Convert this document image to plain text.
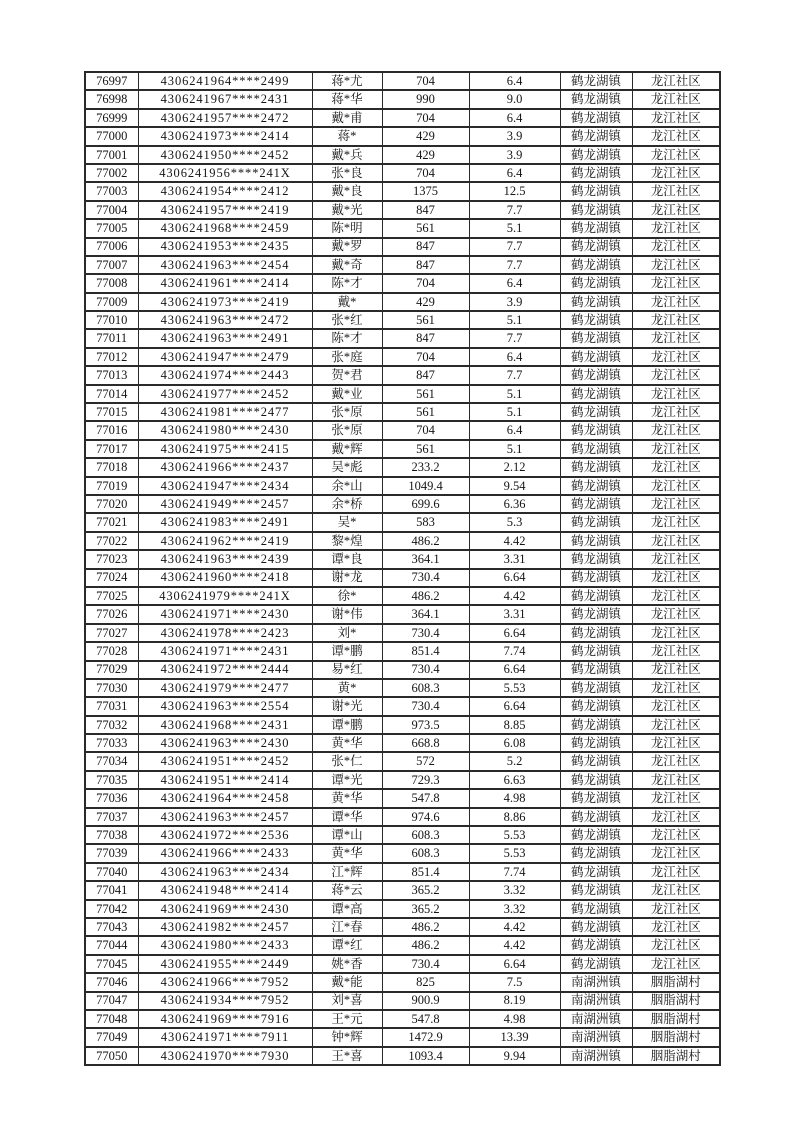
76997	4306241964****2499	蒋*尤	704	6.4	鹤龙湖镇	龙江社区
76998	4306241967****2431	蒋*华	990	9.0	鹤龙湖镇	龙江社区
76999	4306241957****2472	戴*甫	704	6.4	鹤龙湖镇	龙江社区
77000	4306241973****2414	蒋*	429	3.9	鹤龙湖镇	龙江社区
77001	4306241950****2452	戴*兵	429	3.9	鹤龙湖镇	龙江社区
77002	4306241956****241X	张*良	704	6.4	鹤龙湖镇	龙江社区
77003	4306241954****2412	戴*良	1375	12.5	鹤龙湖镇	龙江社区
77004	4306241957****2419	戴*光	847	7.7	鹤龙湖镇	龙江社区
77005	4306241968****2459	陈*明	561	5.1	鹤龙湖镇	龙江社区
77006	4306241953****2435	戴*罗	847	7.7	鹤龙湖镇	龙江社区
77007	4306241963****2454	戴*奇	847	7.7	鹤龙湖镇	龙江社区
77008	4306241961****2414	陈*才	704	6.4	鹤龙湖镇	龙江社区
77009	4306241973****2419	戴*	429	3.9	鹤龙湖镇	龙江社区
77010	4306241963****2472	张*红	561	5.1	鹤龙湖镇	龙江社区
77011	4306241963****2491	陈*才	847	7.7	鹤龙湖镇	龙江社区
77012	4306241947****2479	张*庭	704	6.4	鹤龙湖镇	龙江社区
77013	4306241974****2443	贺*君	847	7.7	鹤龙湖镇	龙江社区
77014	4306241977****2452	戴*业	561	5.1	鹤龙湖镇	龙江社区
77015	4306241981****2477	张*原	561	5.1	鹤龙湖镇	龙江社区
77016	4306241980****2430	张*原	704	6.4	鹤龙湖镇	龙江社区
77017	4306241975****2415	戴*辉	561	5.1	鹤龙湖镇	龙江社区
77018	4306241966****2437	吴*彪	233.2	2.12	鹤龙湖镇	龙江社区
77019	4306241947****2434	余*山	1049.4	9.54	鹤龙湖镇	龙江社区
77020	4306241949****2457	余*桥	699.6	6.36	鹤龙湖镇	龙江社区
77021	4306241983****2491	吴*	583	5.3	鹤龙湖镇	龙江社区
77022	4306241962****2419	黎*煌	486.2	4.42	鹤龙湖镇	龙江社区
77023	4306241963****2439	谭*良	364.1	3.31	鹤龙湖镇	龙江社区
77024	4306241960****2418	谢*龙	730.4	6.64	鹤龙湖镇	龙江社区
77025	4306241979****241X	徐*	486.2	4.42	鹤龙湖镇	龙江社区
77026	4306241971****2430	谢*伟	364.1	3.31	鹤龙湖镇	龙江社区
77027	4306241978****2423	刘*	730.4	6.64	鹤龙湖镇	龙江社区
77028	4306241971****2431	谭*鹏	851.4	7.74	鹤龙湖镇	龙江社区
77029	4306241972****2444	易*红	730.4	6.64	鹤龙湖镇	龙江社区
77030	4306241979****2477	黄*	608.3	5.53	鹤龙湖镇	龙江社区
77031	4306241963****2554	谢*光	730.4	6.64	鹤龙湖镇	龙江社区
77032	4306241968****2431	谭*鹏	973.5	8.85	鹤龙湖镇	龙江社区
77033	4306241963****2430	黄*华	668.8	6.08	鹤龙湖镇	龙江社区
77034	4306241951****2452	张*仁	572	5.2	鹤龙湖镇	龙江社区
77035	4306241951****2414	谭*光	729.3	6.63	鹤龙湖镇	龙江社区
77036	4306241964****2458	黄*华	547.8	4.98	鹤龙湖镇	龙江社区
77037	4306241963****2457	谭*华	974.6	8.86	鹤龙湖镇	龙江社区
77038	4306241972****2536	谭*山	608.3	5.53	鹤龙湖镇	龙江社区
77039	4306241966****2433	黄*华	608.3	5.53	鹤龙湖镇	龙江社区
77040	4306241963****2434	江*辉	851.4	7.74	鹤龙湖镇	龙江社区
77041	4306241948****2414	蒋*云	365.2	3.32	鹤龙湖镇	龙江社区
77042	4306241969****2430	谭*高	365.2	3.32	鹤龙湖镇	龙江社区
77043	4306241982****2457	江*春	486.2	4.42	鹤龙湖镇	龙江社区
77044	4306241980****2433	谭*红	486.2	4.42	鹤龙湖镇	龙江社区
77045	4306241955****2449	姚*香	730.4	6.64	鹤龙湖镇	龙江社区
77046	4306241966****7952	戴*能	825	7.5	南湖洲镇	胭脂湖村
77047	4306241934****7952	刘*喜	900.9	8.19	南湖洲镇	胭脂湖村
77048	4306241969****7916	王*元	547.8	4.98	南湖洲镇	胭脂湖村
77049	4306241971****7911	钟*辉	1472.9	13.39	南湖洲镇	胭脂湖村
77050	4306241970****7930	王*喜	1093.4	9.94	南湖洲镇	胭脂湖村
